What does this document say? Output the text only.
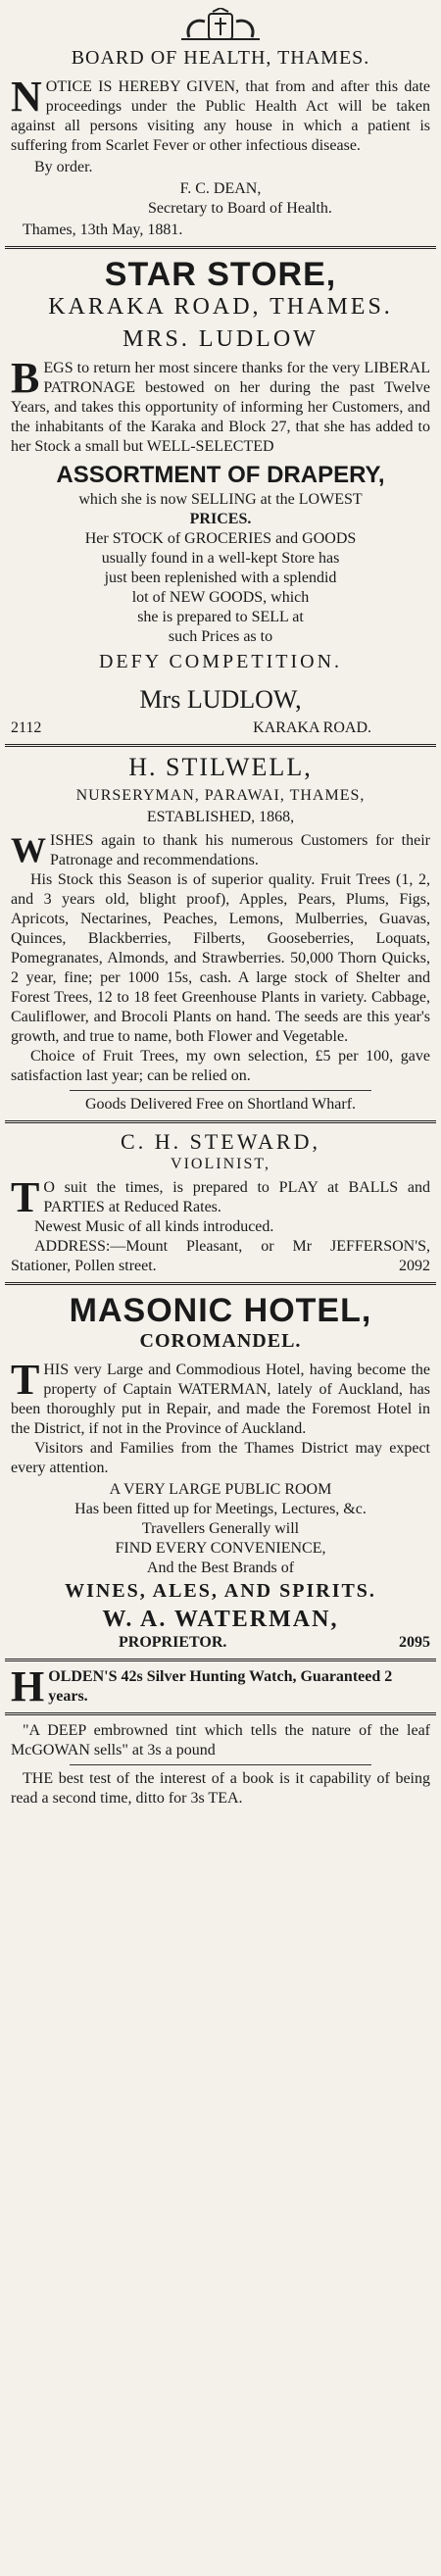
BOARD OF HEALTH, THAMES.
NOTICE IS HEREBY GIVEN, that from and after this date proceedings under the Public Health Act will be taken against all persons visiting any house in which a patient is suffering from Scarlet Fever or other infectious disease.

By order.

F. C. DEAN,

Secretary to Board of Health.

Thames, 13th May, 1881.

STAR STORE,
KARAKA ROAD, THAMES.
MRS. LUDLOW
BEGS to return her most sincere thanks for the very LIBERAL PATRONAGE bestowed on her during the past Twelve Years, and takes this opportunity of informing her Customers, and the inhabitants of the Karaka and Block 27, that she has added to her Stock a small but WELL-SELECTED
ASSORTMENT OF DRAPERY,

which she is now SELLING at the LOWEST

PRICES.

Her STOCK of GROCERIES and GOODS

usually found in a well-kept Store has

just been replenished with a splendid

lot of NEW GOODS, which

she is prepared to SELL at

such Prices as to

DEFY COMPETITION.
Mrs LUDLOW,
2112	KARAKA ROAD.
H. STILWELL,
NURSERYMAN, PARAWAI, THAMES,
ESTABLISHED, 1868,
WISHES again to thank his numerous Customers for their Patronage and recommendations.

His Stock this Season is of superior quality. Fruit Trees (1, 2, and 3 years old, blight proof), Apples, Pears, Plums, Figs, Apricots, Nectarines, Peaches, Lemons, Mulberries, Guavas, Quinces, Blackberries, Filberts, Gooseberries, Loquats, Pomegranates, Almonds, and Strawberries. 50,000 Thorn Quicks, 2 year, fine; per 1000 15s, cash. A large stock of Shelter and Forest Trees, 12 to 18 feet Greenhouse Plants in variety. Cabbage, Cauliflower, and Brocoli Plants on hand. The seeds are this year's growth, and true to name, both Flower and Vegetable.

Choice of Fruit Trees, my own selection, £5 per 100, gave satisfaction last year; can be relied on.

Goods Delivered Free on Shortland Wharf.

C. H. STEWARD,
VIOLINIST,
T O suit the times, is prepared to PLAY at BALLS and PARTIES at Reduced Rates.

Newest Music of all kinds introduced.

ADDRESS:—Mount Pleasant, or Mr JEFFERSON'S, Stationer, Pollen street.	2092

MASONIC HOTEL,
COROMANDEL.
THIS very Large and Commodious Hotel, having become the property of Captain WATERMAN, lately of Auckland, has been thoroughly put in Repair, and made the Foremost Hotel in the District, if not in the Province of Auckland.

Visitors and Families from the Thames District may expect every attention.

A VERY LARGE PUBLIC ROOM

Has been fitted up for Meetings, Lectures, &c.

Travellers Generally will

FIND EVERY CONVENIENCE,

And the Best Brands of

WINES, ALES, AND SPIRITS.
W. A. WATERMAN,
PROPRIETOR.	2095
HOLDEN'S 42s Silver Hunting Watch, Guaranteed 2 years.

"A DEEP embrowned tint which tells the nature of the leaf McGOWAN sells" at 3s a pound

THE best test of the interest of a book is it capability of being read a second time, ditto for 3s TEA.
